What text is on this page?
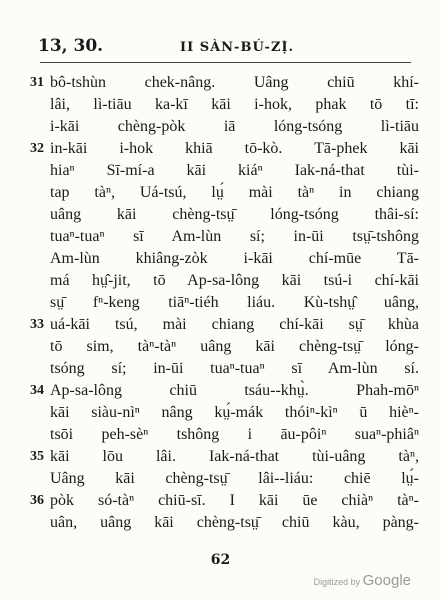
13, 30.	II SÀN-BÚ-ZỊ̍.
31 bô-tshùn chek-nâng. Uâng chiū khí-
lâi, lì-tiāu ka-kī kāi i-hok, phak tō tī:
i-kāi chèng-pòk iā lóng-tsóng lì-tiāu
32 in-kāi i-hok khiā tō-kò. Tā-phek kāi
hiaⁿ Sī-mí-a kāi kiáⁿ Iak-ná-that tùi-
tap tàⁿ, Uá-tsú, lṳ́ mài tàⁿ in chiang
uâng kāi chèng-tsṳ̄ lóng-tsóng thâi-sí:
tuaⁿ-tuaⁿ sī Am-lùn sí; in-ūi tsṳ̄-tshông
Am-lùn khiâng-zòk i-kāi chí-mūe Tā-
má hṳ̂-jit, tō Ap-sa-lông kāi tsú-i chí-kāi
sṳ̄ fⁿ-keng tiāⁿ-tiéh liáu. Kù-tshṳ̂ uâng,
33 uá-kāi tsú, mài chiang chí-kāi sṳ̄ khùa
tō sim, tàⁿ-tàⁿ uâng kāi chèng-tsṳ̄ lóng-
tsóng sí; in-ūi tuaⁿ-tuaⁿ sī Am-lùn sí.
34 Ap-sa-lông chiū tsáu--khṳ̀. Phah-mōⁿ
kāi siàu-nìⁿ nâng kṳ́-mák thóiⁿ-kìⁿ ū hièⁿ-
tsōi peh-sèⁿ tshông i āu-pôiⁿ suaⁿ-phiâⁿ
35 kāi lōu lâi. Iak-ná-that tùi-uâng tàⁿ,
Uâng kāi chèng-tsṳ̄ lâi--liáu: chiē lṳ́-
36 pòk só-tàⁿ chiū-sī. I kāi ūe chiàⁿ tàⁿ-
uân, uâng kāi chèng-tsṳ̄ chiū kàu, pàng-
62
Digitized by Google
